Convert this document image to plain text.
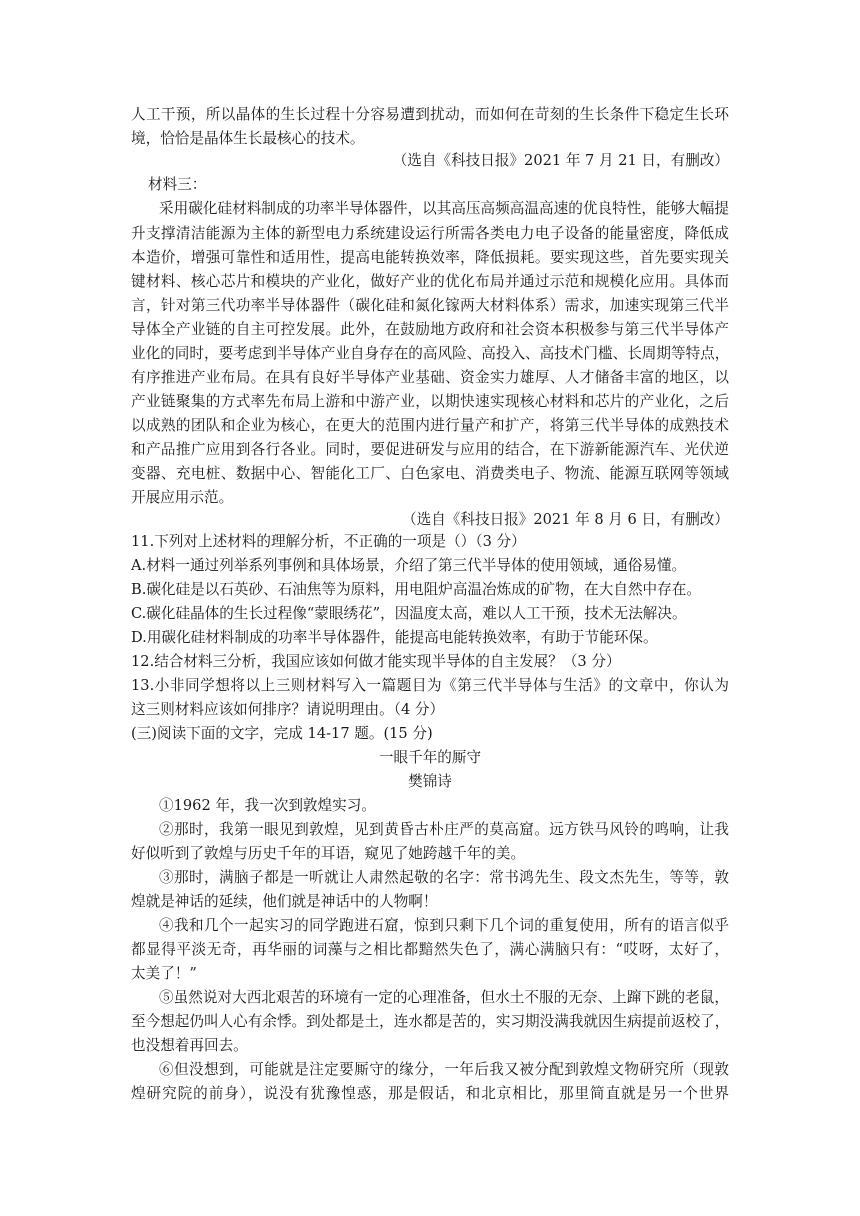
人工干预，所以晶体的生长过程十分容易遭到扰动，而如何在苛刻的生长条件下稳定生长环
境，恰恰是晶体生长最核心的技术。
（选自《科技日报》2021 年 7 月 21 日，有删改）
材料三：
采用碳化硅材料制成的功率半导体器件，以其高压高频高温高速的优良特性，能够大幅提
升支撑清洁能源为主体的新型电力系统建设运行所需各类电力电子设备的能量密度，降低成
本造价，增强可靠性和适用性，提高电能转换效率，降低损耗。要实现这些，首先要实现关
键材料、核心芯片和模块的产业化，做好产业的优化布局并通过示范和规模化应用。具体而
言，针对第三代功率半导体器件（碳化硅和氮化镓两大材料体系）需求，加速实现第三代半
导体全产业链的自主可控发展。此外，在鼓励地方政府和社会资本积极参与第三代半导体产
业化的同时，要考虑到半导体产业自身存在的高风险、高投入、高技术门槛、长周期等特点，
有序推进产业布局。在具有良好半导体产业基础、资金实力雄厚、人才储备丰富的地区，以
产业链聚集的方式率先布局上游和中游产业，以期快速实现核心材料和芯片的产业化，之后
以成熟的团队和企业为核心，在更大的范围内进行量产和扩产，将第三代半导体的成熟技术
和产品推广应用到各行各业。同时，要促进研发与应用的结合，在下游新能源汽车、光伏逆
变器、充电桩、数据中心、智能化工厂、白色家电、消费类电子、物流、能源互联网等领域
开展应用示范。
（选自《科技日报》2021 年 8 月 6 日，有删改）
11.下列对上述材料的理解分析，不正确的一项是（）（3 分）
A.材料一通过列举系列事例和具体场景，介绍了第三代半导体的使用领域，通俗易懂。
B.碳化硅是以石英砂、石油焦等为原料，用电阻炉高温冶炼成的矿物，在大自然中存在。
C.碳化硅晶体的生长过程像“蒙眼绣花”，因温度太高，难以人工干预，技术无法解决。
D.用碳化硅材料制成的功率半导体器件，能提高电能转换效率，有助于节能环保。
12.结合材料三分析，我国应该如何做才能实现半导体的自主发展？（3 分）
13.小非同学想将以上三则材料写入一篇题目为《第三代半导体与生活》的文章中，你认为
这三则材料应该如何排序？请说明理由。（4 分）
(三)阅读下面的文字，完成 14-17 题。(15 分)
一眼千年的厮守
樊锦诗
①1962 年，我一次到敦煌实习。
②那时，我第一眼见到敦煌，见到黄昏古朴庄严的莫高窟。远方铁马风铃的鸣响，让我
好似听到了敦煌与历史千年的耳语，窥见了她跨越千年的美。
③那时，满脑子都是一听就让人肃然起敬的名字：常书鸿先生、段文杰先生，等等，敦
煌就是神话的延续，他们就是神话中的人物啊！
④我和几个一起实习的同学跑进石窟，惊到只剩下几个词的重复使用，所有的语言似乎
都显得平淡无奇，再华丽的词藻与之相比都黯然失色了，满心满脑只有：“哎呀，太好了，
太美了！”
⑤虽然说对大西北艰苦的环境有一定的心理准备，但水土不服的无奈、上蹿下跳的老鼠，
至今想起仍叫人心有余悸。到处都是土，连水都是苦的，实习期没满我就因生病提前返校了，
也没想着再回去。
⑥但没想到，可能就是注定要厮守的缘分，一年后我又被分配到敦煌文物研究所（现敦
煌研究院的前身），说没有犹豫惶惑，那是假话，和北京相比，那里简直就是另一个世界
